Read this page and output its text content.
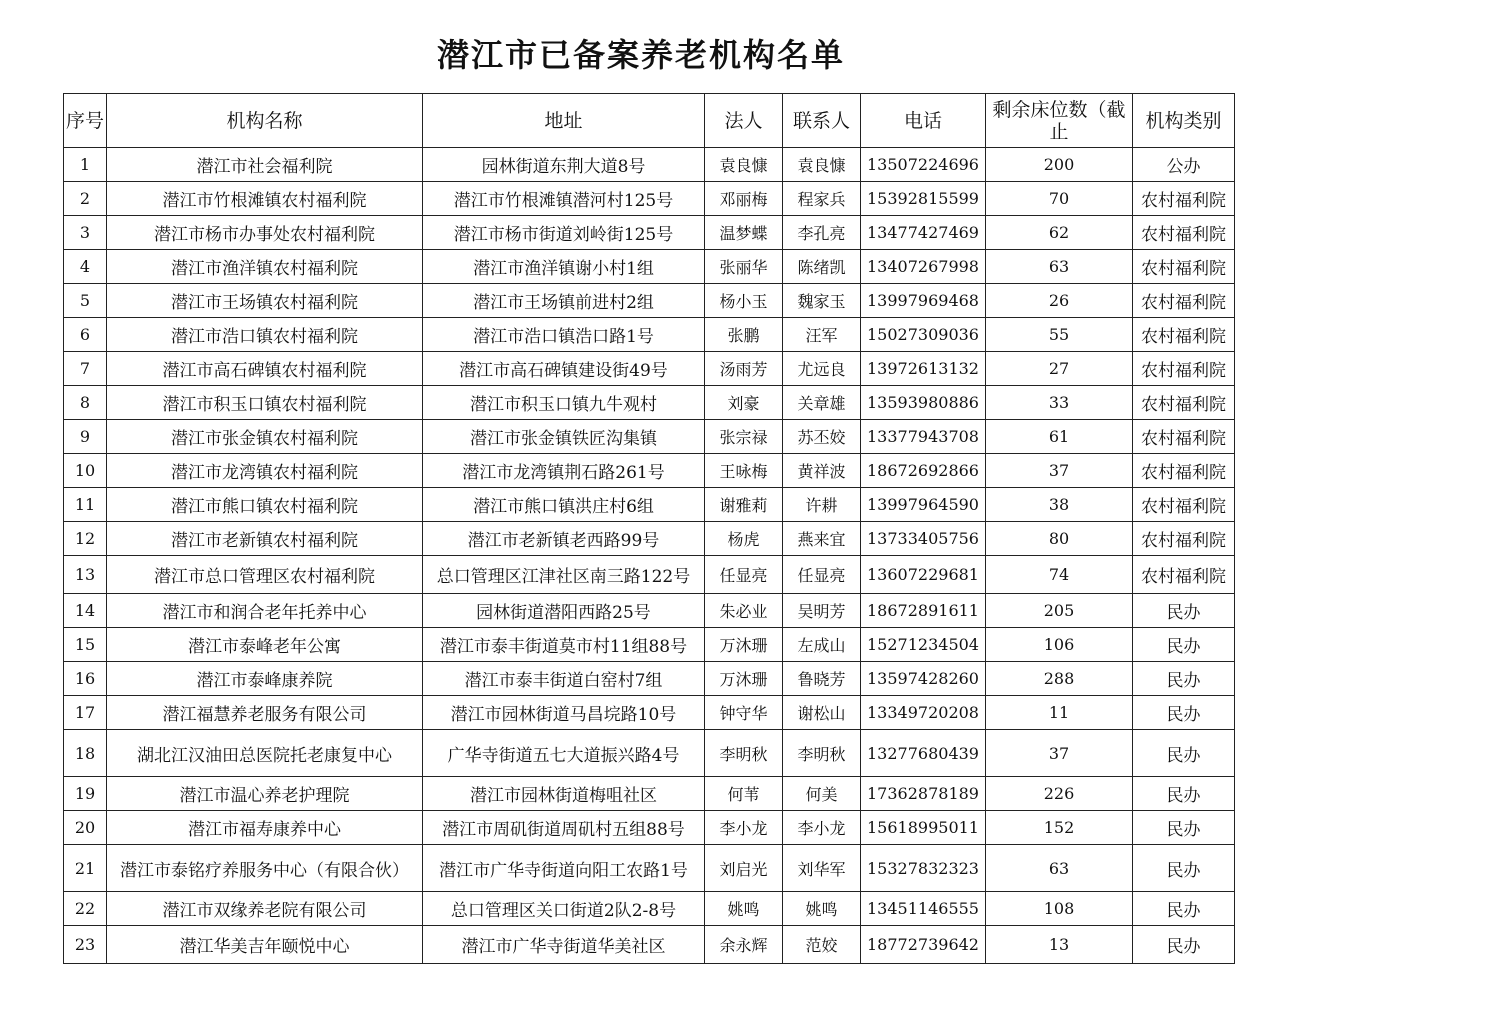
潜江市已备案养老机构名单
序号	机构名称	地址	法人	联系人	电话	剩余床位数（截止	机构类别
1	潜江市社会福利院	园林街道东荆大道8号	袁良慷	袁良慷	13507224696	200	公办
2	潜江市竹根滩镇农村福利院	潜江市竹根滩镇潜河村125号	邓丽梅	程家兵	15392815599	70	农村福利院
3	潜江市杨市办事处农村福利院	潜江市杨市街道刘岭街125号	温梦蝶	李孔亮	13477427469	62	农村福利院
4	潜江市渔洋镇农村福利院	潜江市渔洋镇谢小村1组	张丽华	陈绪凯	13407267998	63	农村福利院
5	潜江市王场镇农村福利院	潜江市王场镇前进村2组	杨小玉	魏家玉	13997969468	26	农村福利院
6	潜江市浩口镇农村福利院	潜江市浩口镇浩口路1号	张鹏	汪军	15027309036	55	农村福利院
7	潜江市高石碑镇农村福利院	潜江市高石碑镇建设街49号	汤雨芳	尤远良	13972613132	27	农村福利院
8	潜江市积玉口镇农村福利院	潜江市积玉口镇九牛观村	刘豪	关章雄	13593980886	33	农村福利院
9	潜江市张金镇农村福利院	潜江市张金镇铁匠沟集镇	张宗禄	苏丕姣	13377943708	61	农村福利院
10	潜江市龙湾镇农村福利院	潜江市龙湾镇荆石路261号	王咏梅	黄祥波	18672692866	37	农村福利院
11	潜江市熊口镇农村福利院	潜江市熊口镇洪庄村6组	谢雅莉	许耕	13997964590	38	农村福利院
12	潜江市老新镇农村福利院	潜江市老新镇老西路99号	杨虎	燕来宜	13733405756	80	农村福利院
13	潜江市总口管理区农村福利院	总口管理区江津社区南三路122号	任显亮	任显亮	13607229681	74	农村福利院
14	潜江市和润合老年托养中心	园林街道潜阳西路25号	朱必业	吴明芳	18672891611	205	民办
15	潜江市泰峰老年公寓	潜江市泰丰街道莫市村11组88号	万沐珊	左成山	15271234504	106	民办
16	潜江市泰峰康养院	潜江市泰丰街道白窑村7组	万沐珊	鲁晓芳	13597428260	288	民办
17	潜江福慧养老服务有限公司	潜江市园林街道马昌垸路10号	钟守华	谢松山	13349720208	11	民办
18	湖北江汉油田总医院托老康复中心	广华寺街道五七大道振兴路4号	李明秋	李明秋	13277680439	37	民办
19	潜江市温心养老护理院	潜江市园林街道梅咀社区	何苇	何美	17362878189	226	民办
20	潜江市福寿康养中心	潜江市周矶街道周矶村五组88号	李小龙	李小龙	15618995011	152	民办
21	潜江市泰铭疗养服务中心（有限合伙）	潜江市广华寺街道向阳工农路1号	刘启光	刘华军	15327832323	63	民办
22	潜江市双缘养老院有限公司	总口管理区关口街道2队2-8号	姚鸣	姚鸣	13451146555	108	民办
23	潜江华美吉年颐悦中心	潜江市广华寺街道华美社区	余永辉	范姣	18772739642	13	民办
